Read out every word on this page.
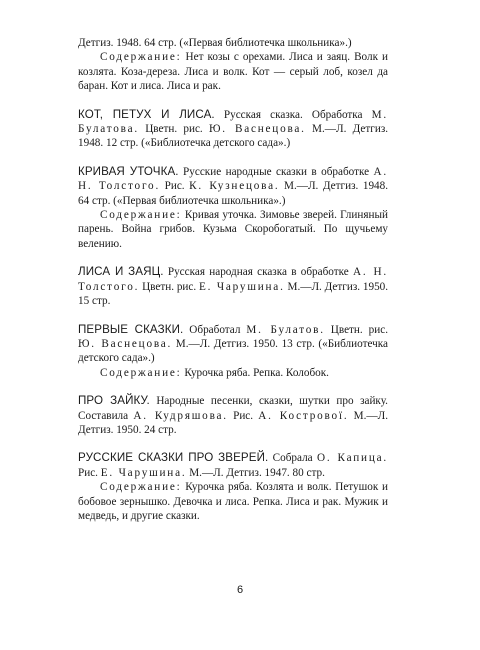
Детгиз. 1948. 64 стр. («Первая библиотечка школьника».)

Содержание: Нет козы с орехами. Лиса и заяц. Волк и козлята. Коза-дереза. Лиса и волк. Кот — серый лоб, козел да баран. Кот и лиса. Лиса и рак.

КОТ, ПЕТУХ И ЛИСА. Русская сказка. Обработка М. Булатова. Цветн. рис. Ю. Васнецова. М.—Л. Детгиз. 1948. 12 стр. («Библиотечка детского сада».)

КРИВАЯ УТОЧКА. Русские народные сказки в обработке А. Н. Толстого. Рис. К. Кузнецова. М.—Л. Детгиз. 1948. 64 стр. («Первая библиотечка школьника».)

Содержание: Кривая уточка. Зимовье зверей. Глиняный парень. Война грибов. Кузьма Скоробогатый. По щучьему велению.

ЛИСА И ЗАЯЦ. Русская народная сказка в обработке А. Н. Толстого. Цветн. рис. Е. Чарушина. М.—Л. Детгиз. 1950. 15 стр.

ПЕРВЫЕ СКАЗКИ. Обработал М. Булатов. Цветн. рис. Ю. Васнецова. М.—Л. Детгиз. 1950. 13 стр. («Библиотечка детского сада».)

Содержание: Курочка ряба. Репка. Колобок.

ПРО ЗАЙКУ. Народные песенки, сказки, шутки про зайку. Составила А. Кудряшова. Рис. А. Кострової. М.—Л. Детгиз. 1950. 24 стр.

РУССКИЕ СКАЗКИ ПРО ЗВЕРЕЙ. Собрала О. Капица. Рис. Е. Чарушина. М.—Л. Детгиз. 1947. 80 стр.

Содержание: Курочка ряба. Козлята и волк. Петушок и бобовое зернышко. Девочка и лиса. Репка. Лиса и рак. Мужик и медведь, и другие сказки.

6
